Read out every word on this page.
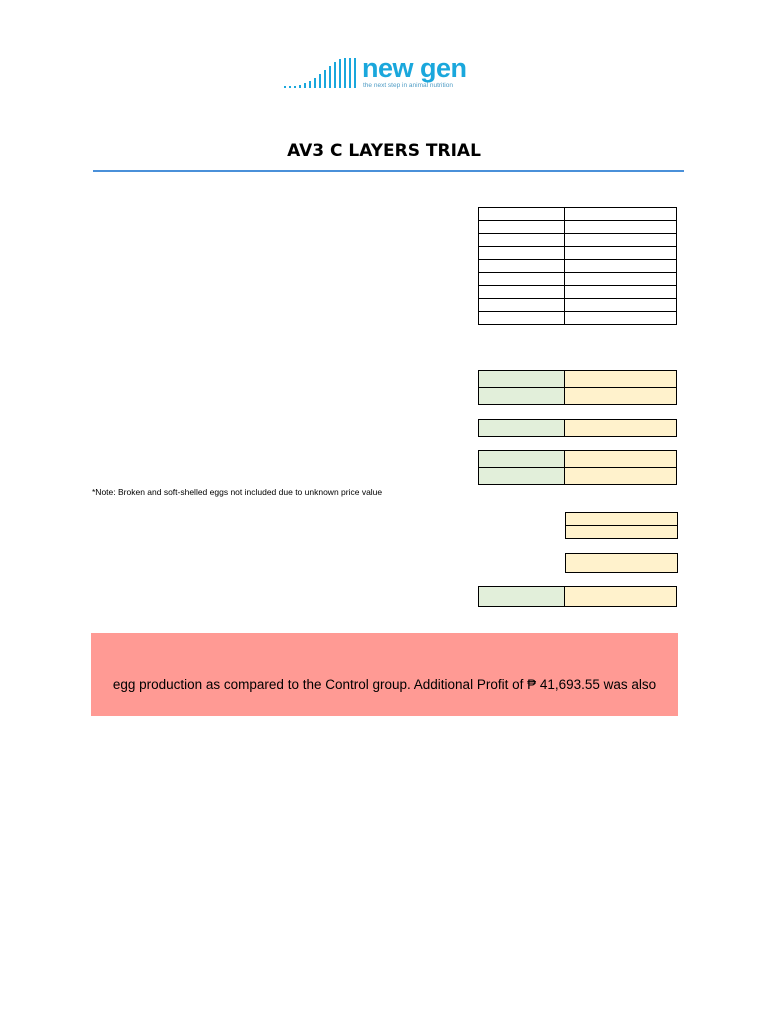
new gen
the next step in animal nutrition
AV3 C LAYERS TRIAL

*Note: Broken and soft-shelled eggs not included due to unknown price value

egg production as compared to the Control group. Additional Profit of ₱ 41,693.55 was also
